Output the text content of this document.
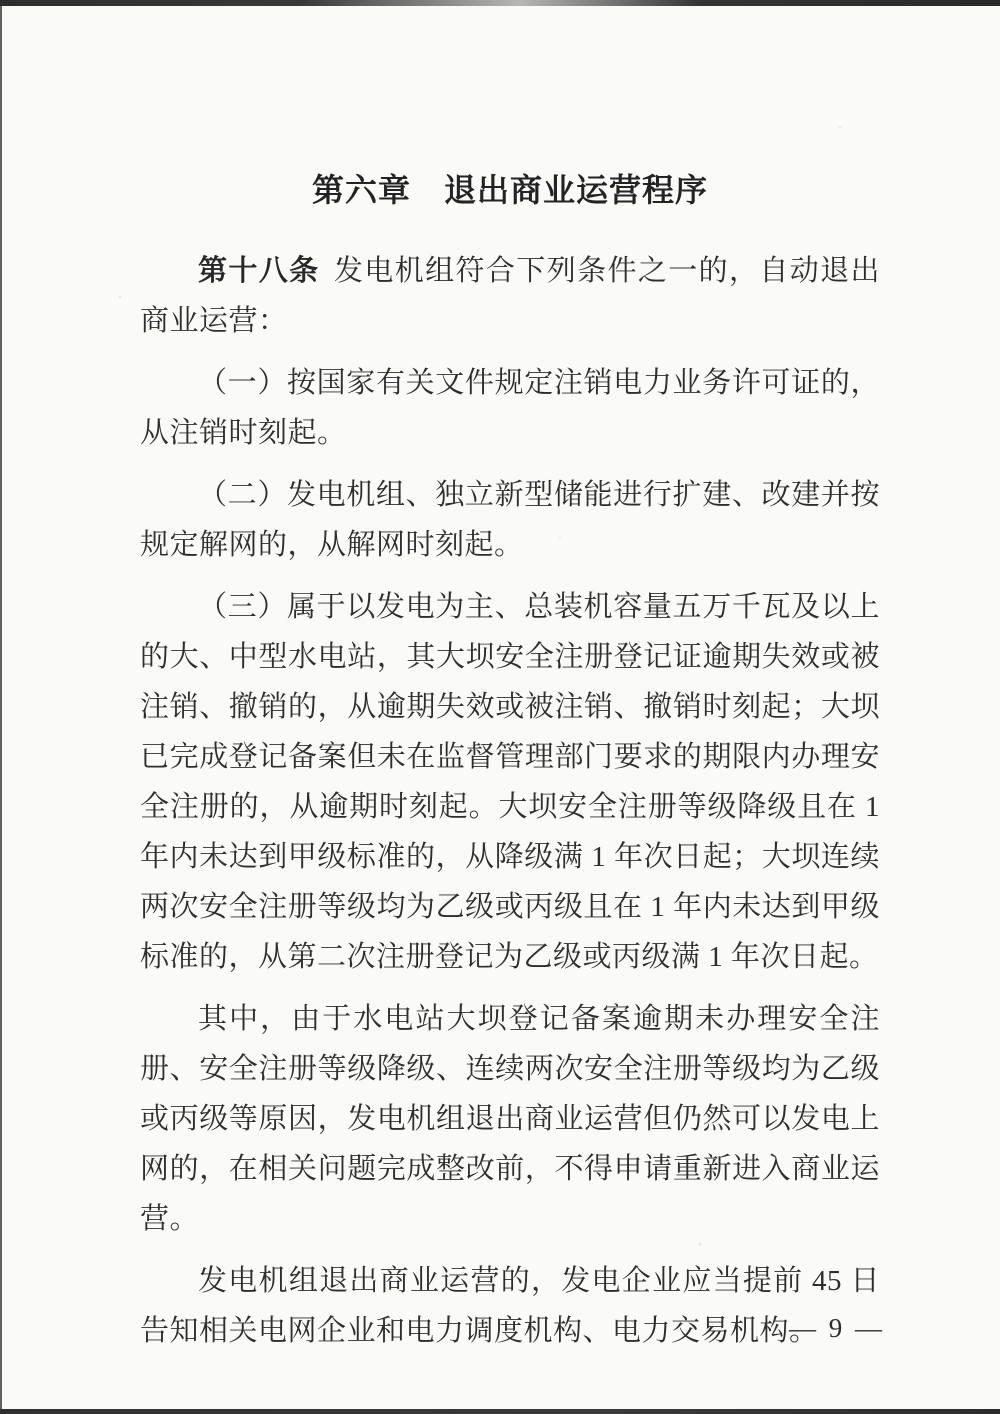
第六章　退出商业运营程序

第十八条 发电机组符合下列条件之一的，自动退出商业运营：

（一）按国家有关文件规定注销电力业务许可证的，从注销时刻起。

（二）发电机组、独立新型储能进行扩建、改建并按规定解网的，从解网时刻起。

（三）属于以发电为主、总装机容量五万千瓦及以上的大、中型水电站，其大坝安全注册登记证逾期失效或被注销、撤销的，从逾期失效或被注销、撤销时刻起；大坝已完成登记备案但未在监督管理部门要求的期限内办理安全注册的，从逾期时刻起。大坝安全注册等级降级且在 1 年内未达到甲级标准的，从降级满 1 年次日起；大坝连续两次安全注册等级均为乙级或丙级且在 1 年内未达到甲级标准的，从第二次注册登记为乙级或丙级满 1 年次日起。

其中，由于水电站大坝登记备案逾期未办理安全注册、安全注册等级降级、连续两次安全注册等级均为乙级或丙级等原因，发电机组退出商业运营但仍然可以发电上网的，在相关问题完成整改前，不得申请重新进入商业运营。

发电机组退出商业运营的，发电企业应当提前 45 日告知相关电网企业和电力调度机构、电力交易机构。

— 9 —
